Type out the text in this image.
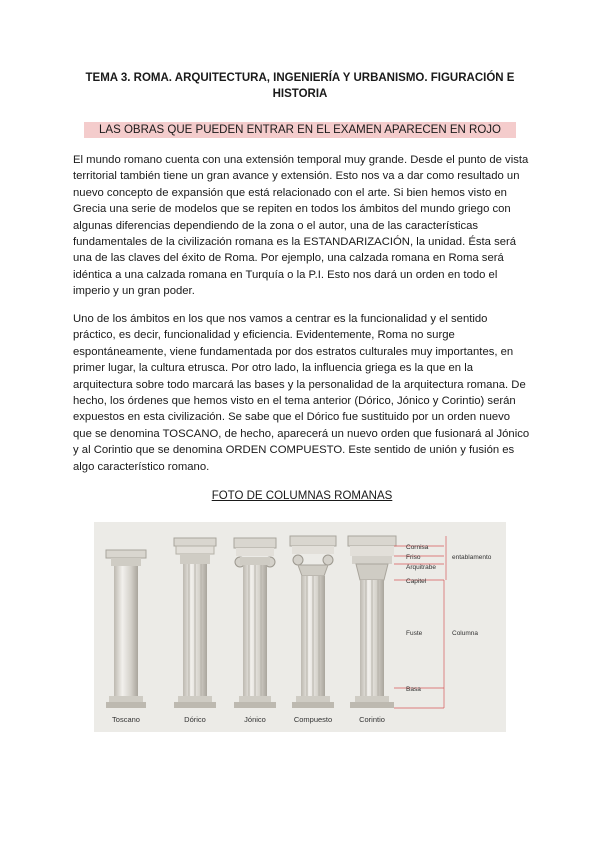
TEMA 3. ROMA. ARQUITECTURA, INGENIERÍA Y URBANISMO. FIGURACIÓN E HISTORIA
LAS OBRAS QUE PUEDEN ENTRAR EN EL EXAMEN APARECEN EN ROJO

El mundo romano cuenta con una extensión temporal muy grande. Desde el punto de vista territorial también tiene un gran avance y extensión. Esto nos va a dar como resultado un nuevo concepto de expansión que está relacionado con el arte. Si bien hemos visto en Grecia una serie de modelos que se repiten en todos los ámbitos del mundo griego con algunas diferencias dependiendo de la zona o el autor, una de las características fundamentales de la civilización romana es la ESTANDARIZACIÓN, la unidad. Ésta será una de las claves del éxito de Roma. Por ejemplo, una calzada romana en Roma será idéntica a una calzada romana en Turquía o la P.I. Esto nos dará un orden en todo el imperio y un gran poder.

Uno de los ámbitos en los que nos vamos a centrar es la funcionalidad y el sentido práctico, es decir, funcionalidad y eficiencia. Evidentemente, Roma no surge espontáneamente, viene fundamentada por dos estratos culturales muy importantes, en primer lugar, la cultura etrusca. Por otro lado, la influencia griega es la que en la arquitectura sobre todo marcará las bases y la personalidad de la arquitectura romana. De hecho, los órdenes que hemos visto en el tema anterior (Dórico, Jónico y Corintio) serán expuestos en esta civilización. Se sabe que el Dórico fue sustituido por un orden nuevo que se denomina TOSCANO, de hecho, aparecerá un nuevo orden que fusionará al Jónico y al Corintio que se denomina ORDEN COMPUESTO. Este sentido de unión y fusión es algo característico romano.

FOTO DE COLUMNAS ROMANAS
Cornisa
Friso
Arquitrabe
Capitel
Fuste
Basa
entablamento
Columna
Toscano	Dórico	Jónico	Compuesto	Corintio
